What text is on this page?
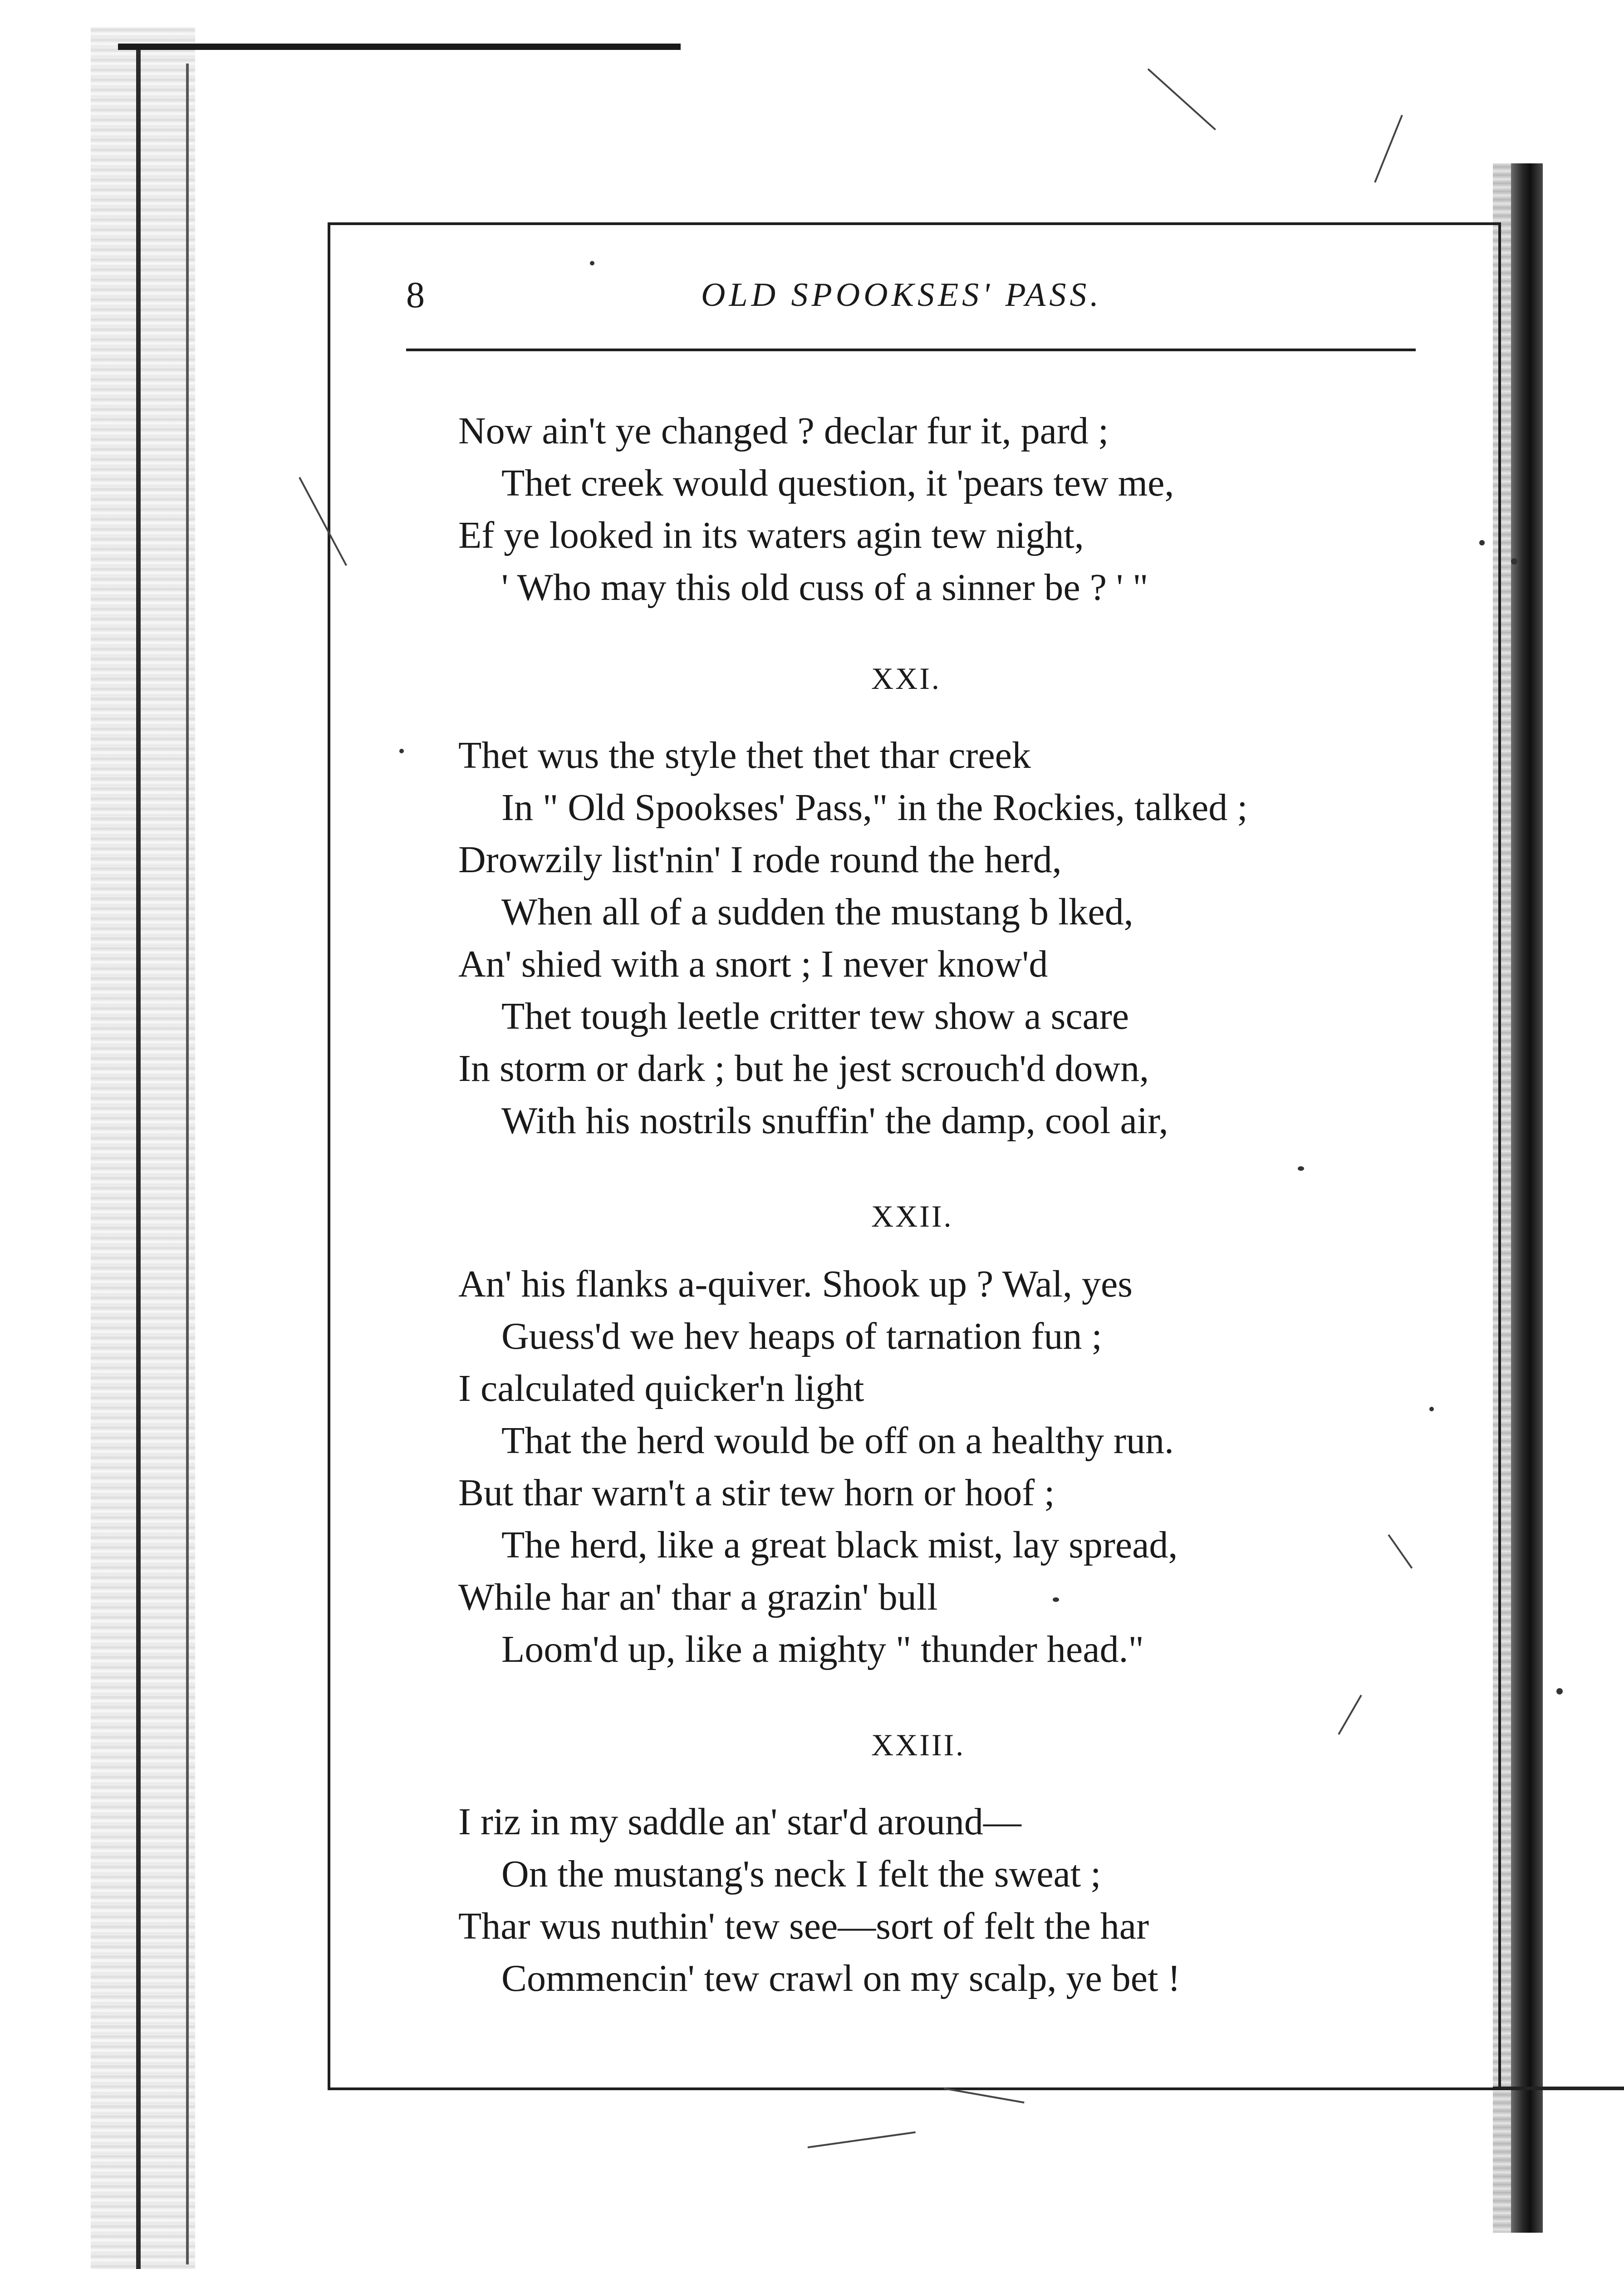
8	OLD SPOOKSES' PASS.
Now ain't ye changed ? declar fur it, pard ;
Thet creek would question, it 'pears tew me,
Ef ye looked in its waters agin tew night,
' Who may this old cuss of a sinner be ? ' "
XXI.
Thet wus the style thet thet thar creek
In " Old Spookses' Pass," in the Rockies, talked ;
Drowzily list'nin' I rode round the herd,
When all of a sudden the mustang b lked,
An' shied with a snort ; I never know'd
Thet tough leetle critter tew show a scare
In storm or dark ; but he jest scrouch'd down,
With his nostrils snuffin' the damp, cool air,
XXII.
An' his flanks a-quiver. Shook up ? Wal, yes
Guess'd we hev heaps of tarnation fun ;
I calculated quicker'n light
That the herd would be off on a healthy run.
But thar warn't a stir tew horn or hoof ;
The herd, like a great black mist, lay spread,
While har an' thar a grazin' bull
Loom'd up, like a mighty " thunder head."
XXIII.
I riz in my saddle an' star'd around—
On the mustang's neck I felt the sweat ;
Thar wus nuthin' tew see—sort of felt the har
Commencin' tew crawl on my scalp, ye bet !
